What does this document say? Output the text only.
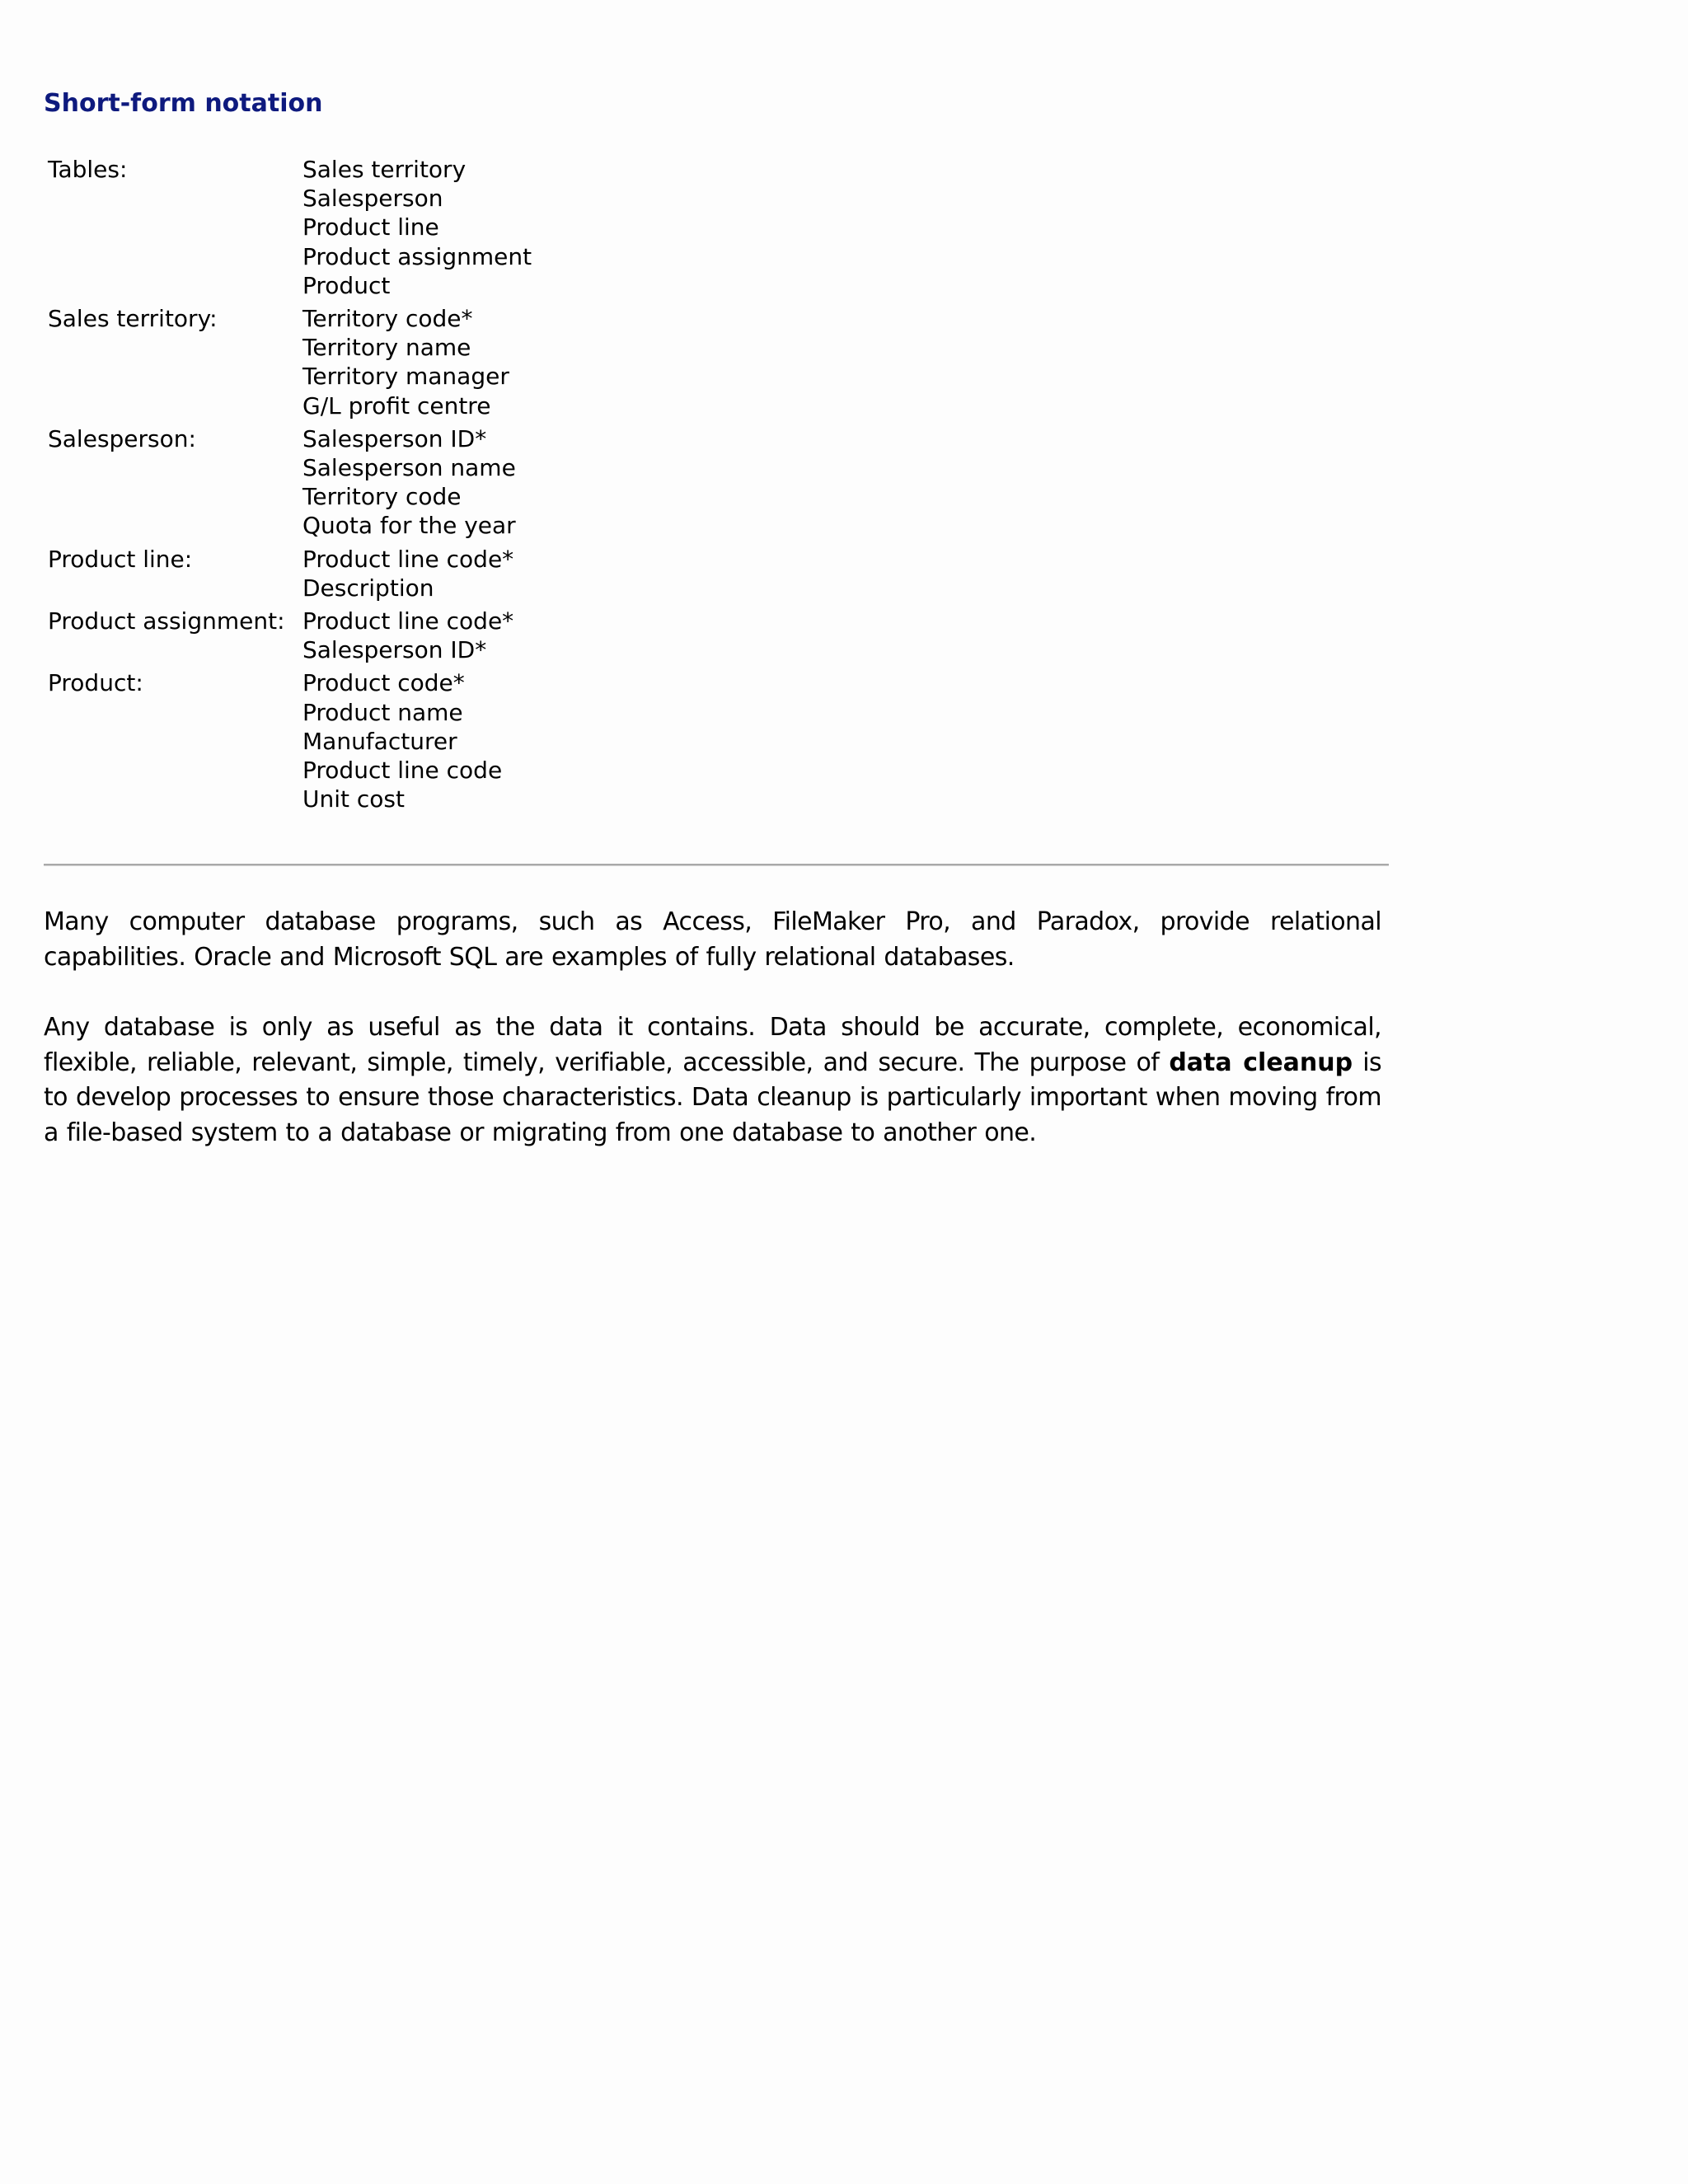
Short-form notation
Tables:	Sales territory
Salesperson
Product line
Product assignment
Product
Sales territory:	Territory code*
Territory name
Territory manager
G/L profit centre
Salesperson:	Salesperson ID*
Salesperson name
Territory code
Quota for the year
Product line:	Product line code*
Description
Product assignment: Product line code*
Salesperson ID*
Product:	Product code*
Product name
Manufacturer
Product line code
Unit cost

Many computer database programs, such as Access, FileMaker Pro, and Paradox, provide relational capabilities. Oracle and Microsoft SQL are examples of fully relational databases.

Any database is only as useful as the data it contains. Data should be accurate, complete, economical, flexible, reliable, relevant, simple, timely, verifiable, accessible, and secure. The purpose of data cleanup is to develop processes to ensure those characteristics. Data cleanup is particularly important when moving from a file-based system to a database or migrating from one database to another one.
